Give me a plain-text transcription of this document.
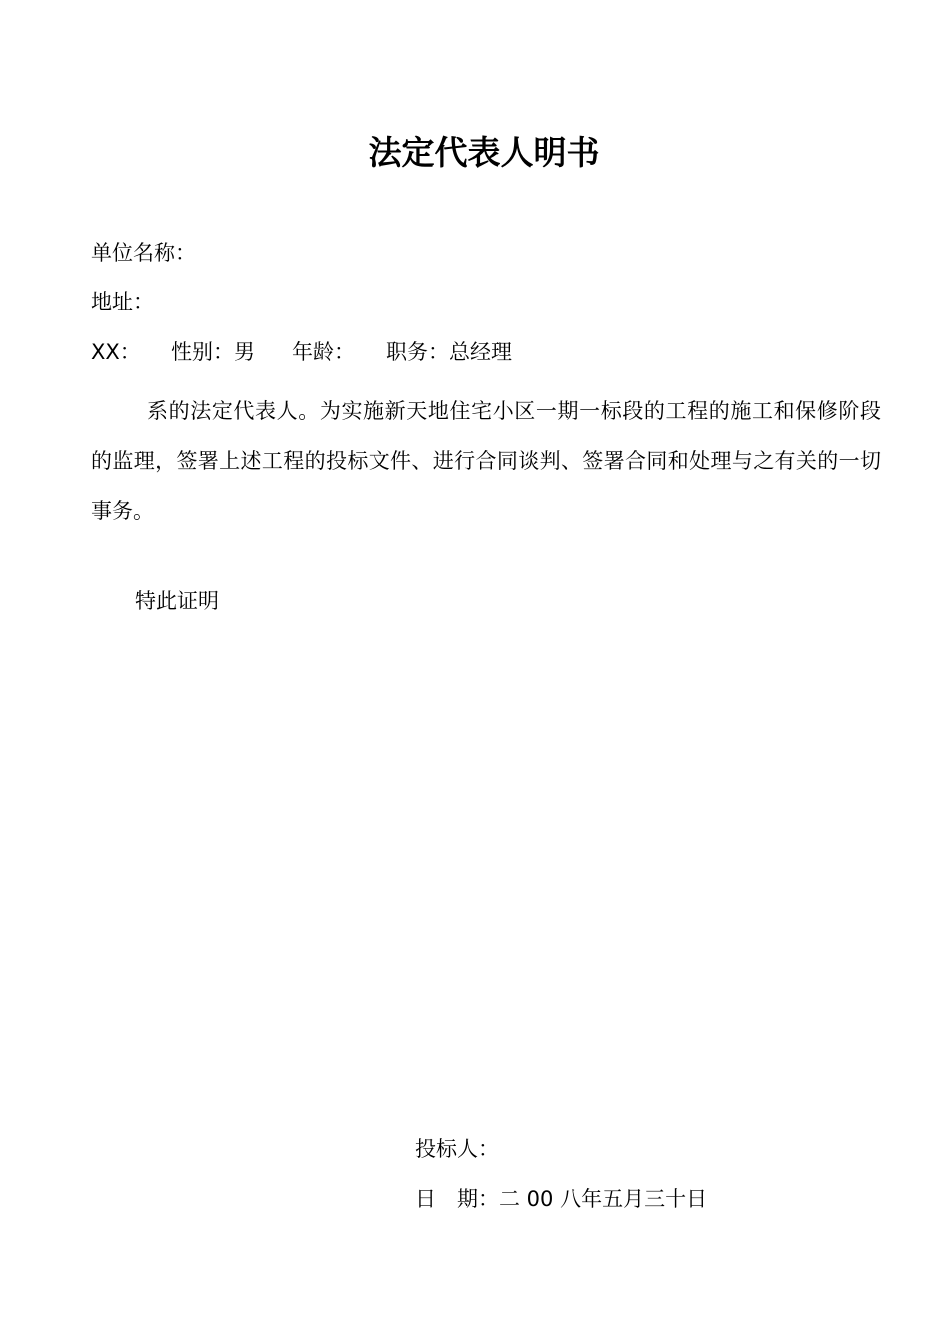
法定代表人明书
单位名称：
地址：
XX： 性别：男 年龄： 职务：总经理
系的法定代表人。为实施新天地住宅小区一期一标段的工程的施工和保修阶段的监理，签署上述工程的投标文件、进行合同谈判、签署合同和处理与之有关的一切事务。
特此证明
投标人：
日　期：二 00 八年五月三十日
